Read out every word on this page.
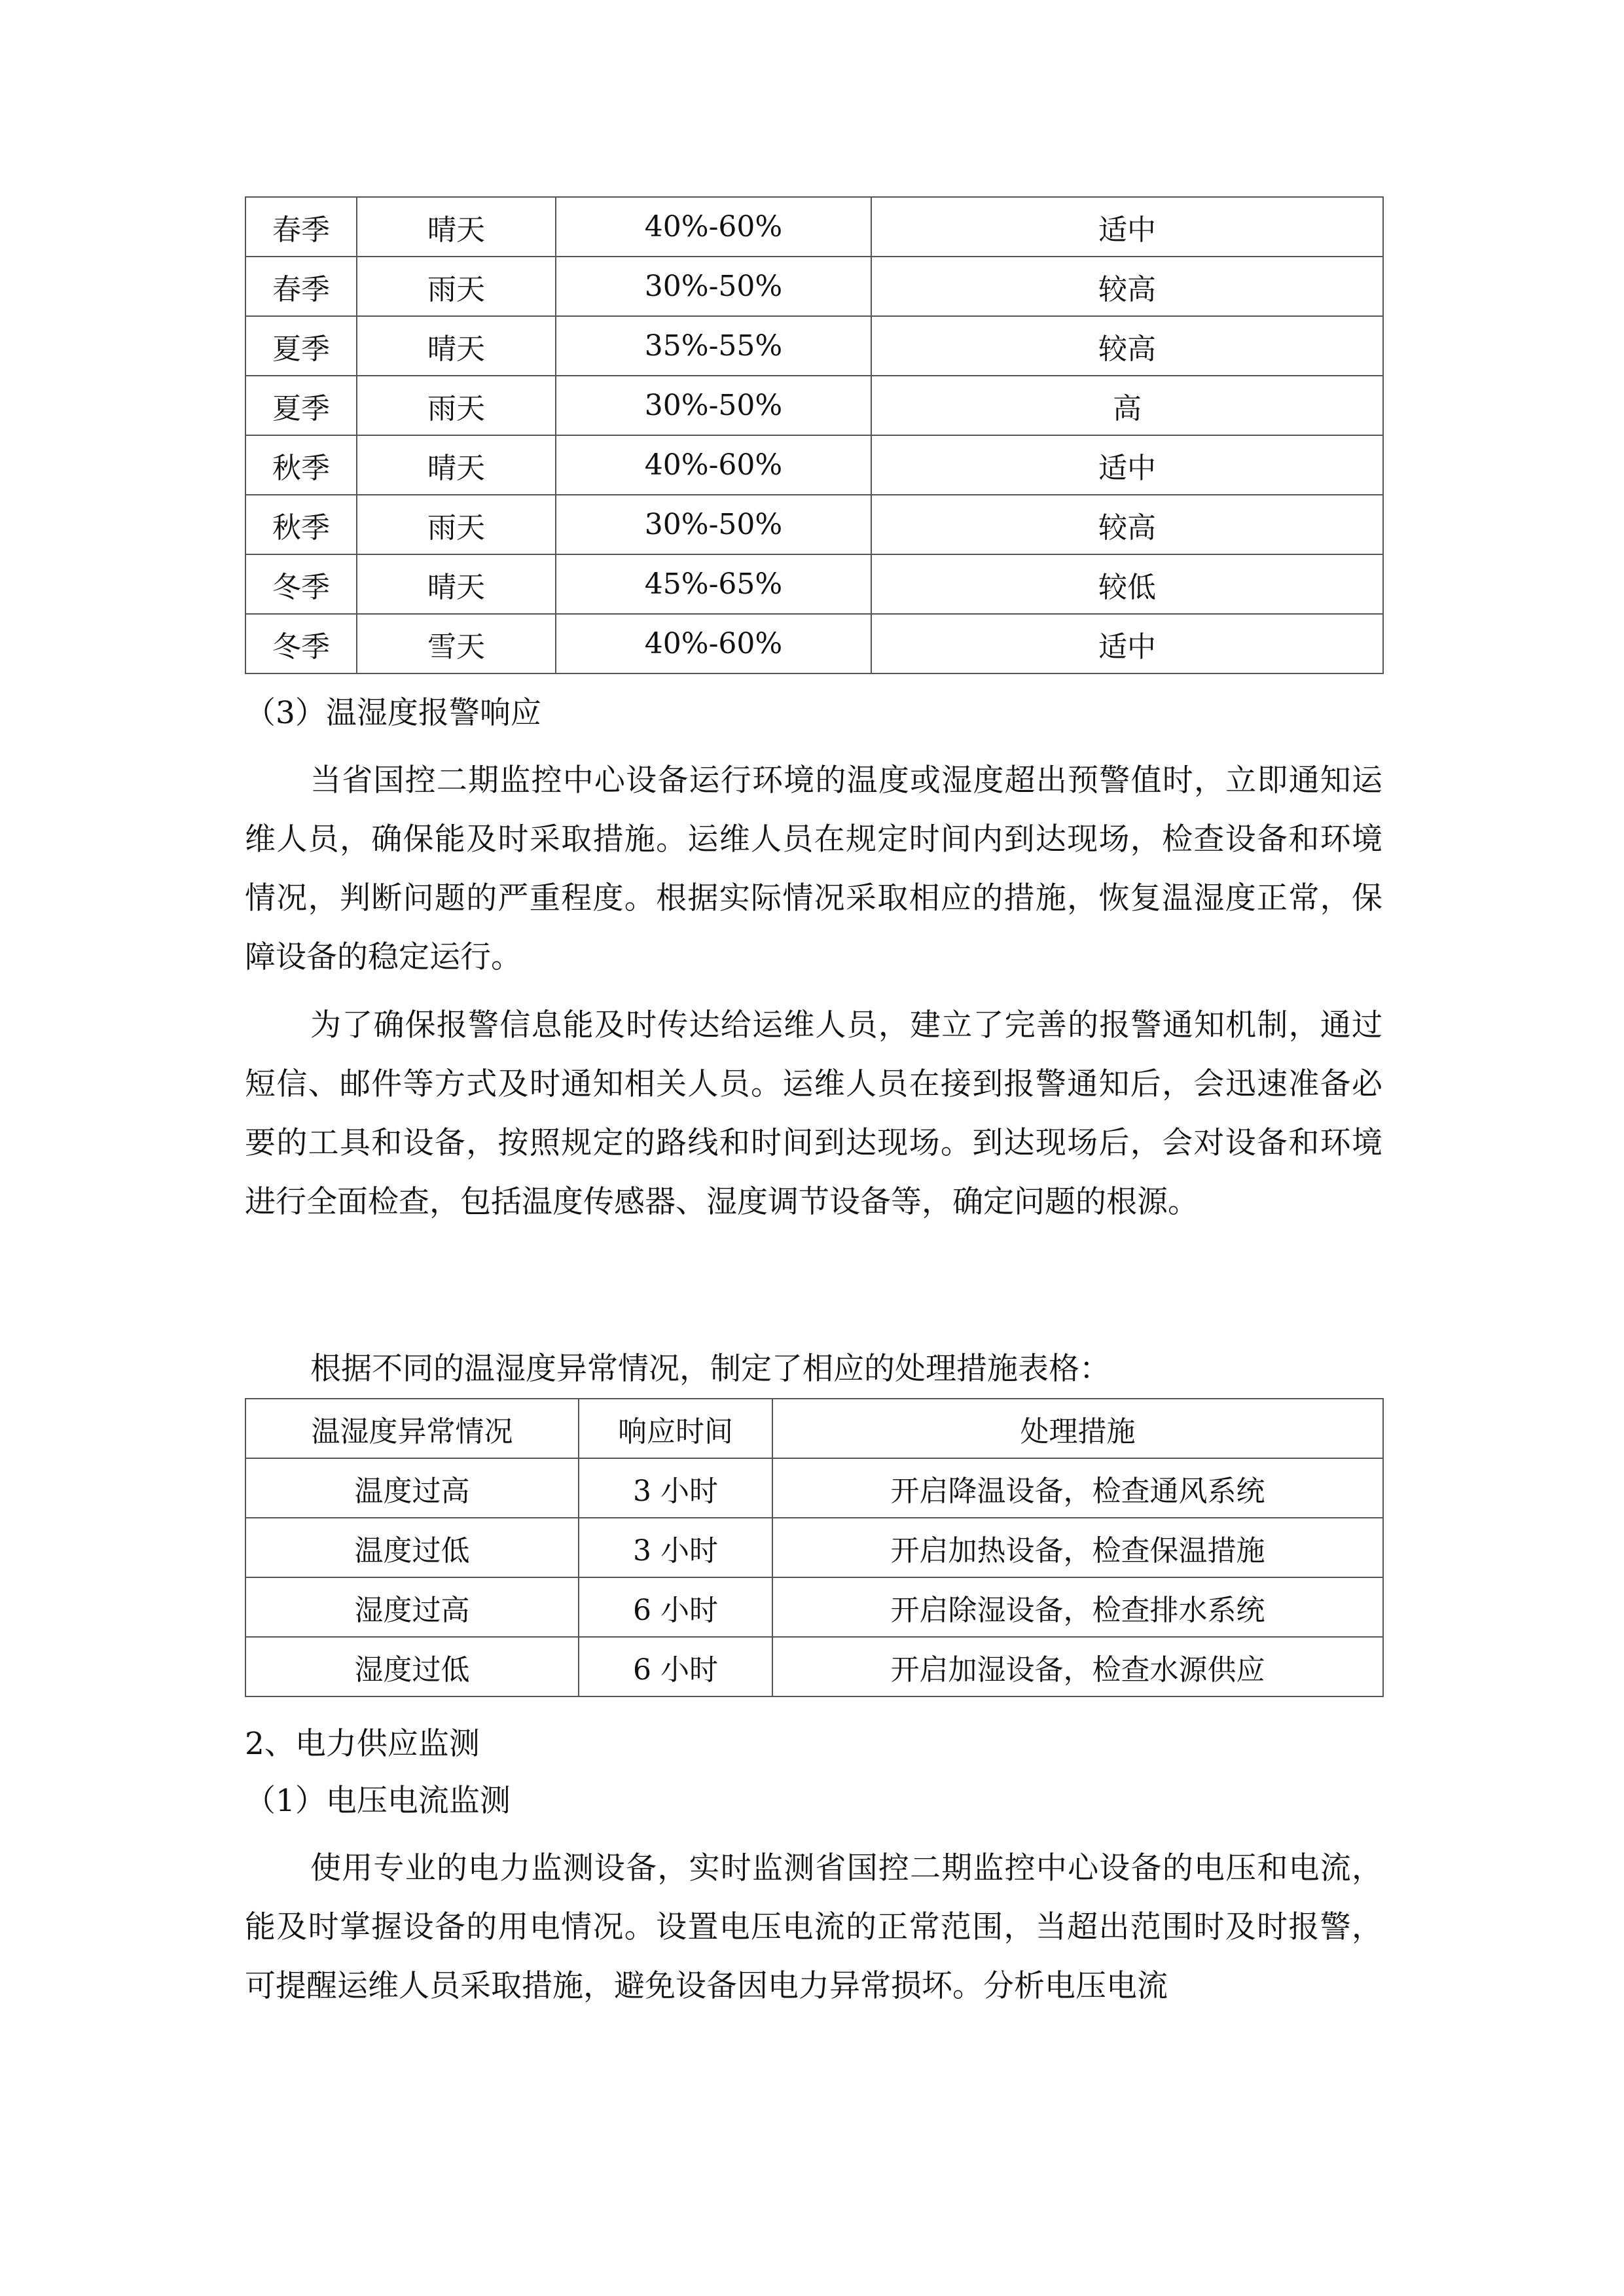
春季	晴天	40%-60%	适中
春季	雨天	30%-50%	较高
夏季	晴天	35%-55%	较高
夏季	雨天	30%-50%	高
秋季	晴天	40%-60%	适中
秋季	雨天	30%-50%	较高
冬季	晴天	45%-65%	较低
冬季	雪天	40%-60%	适中
（3）温湿度报警响应

当省国控二期监控中心设备运行环境的温度或湿度超出预警值时，立即通知运维人员，确保能及时采取措施。运维人员在规定时间内到达现场，检查设备和环境情况，判断问题的严重程度。根据实际情况采取相应的措施，恢复温湿度正常，保障设备的稳定运行。

为了确保报警信息能及时传达给运维人员，建立了完善的报警通知机制，通过短信、邮件等方式及时通知相关人员。运维人员在接到报警通知后，会迅速准备必要的工具和设备，按照规定的路线和时间到达现场。到达现场后，会对设备和环境进行全面检查，包括温度传感器、湿度调节设备等，确定问题的根源。

根据不同的温湿度异常情况，制定了相应的处理措施表格：

温湿度异常情况	响应时间	处理措施
温度过高	3 小时	开启降温设备，检查通风系统
温度过低	3 小时	开启加热设备，检查保温措施
湿度过高	6 小时	开启除湿设备，检查排水系统
湿度过低	6 小时	开启加湿设备，检查水源供应
2、电力供应监测
（1）电压电流监测

使用专业的电力监测设备，实时监测省国控二期监控中心设备的电压和电流，能及时掌握设备的用电情况。设置电压电流的正常范围，当超出范围时及时报警，可提醒运维人员采取措施，避免设备因电力异常损坏。分析电压电流
